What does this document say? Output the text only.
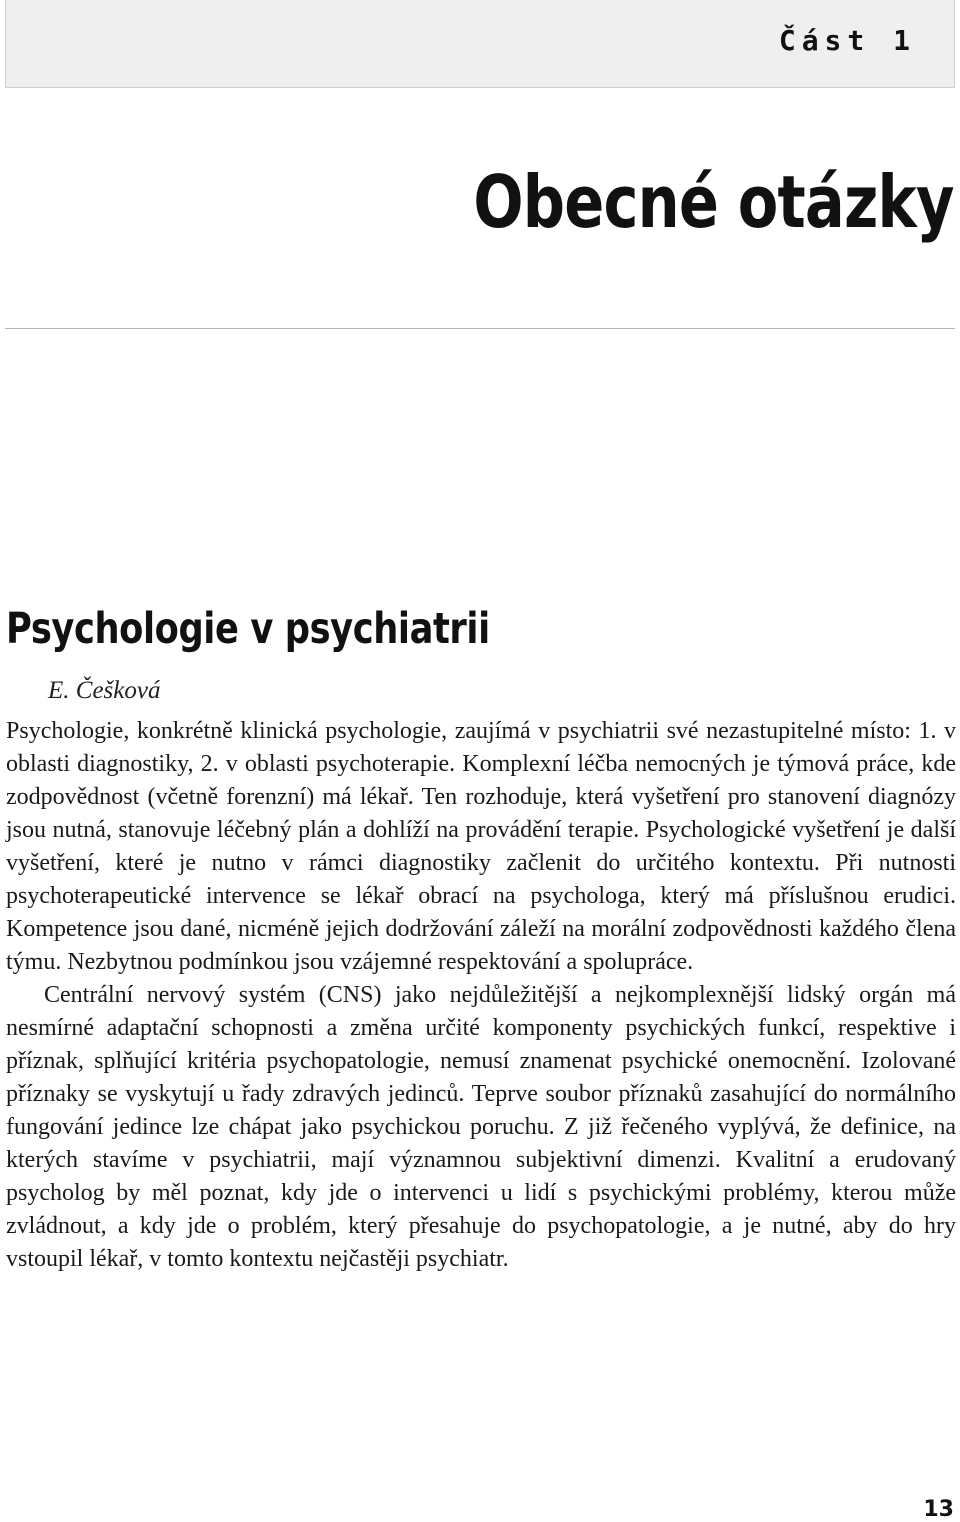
Část 1
Obecné otázky
Psychologie v psychiatrii
E. Češková

Psychologie, konkrétně klinická psychologie, zaujímá v psychiatrii své nezastupitelné místo: 1. v oblasti diagnostiky, 2. v oblasti psychoterapie. Komplexní léčba nemocných je týmová práce, kde zodpovědnost (včetně forenzní) má lékař. Ten rozhoduje, která vyšetření pro stanovení diagnózy jsou nutná, stanovuje léčebný plán a dohlíží na provádění terapie. Psychologické vyšetření je další vyšetření, které je nutno v rámci diagnostiky začlenit do určitého kontextu. Při nutnosti psychoterapeutické intervence se lékař obrací na psychologa, který má příslušnou erudici. Kompetence jsou dané, nicméně jejich dodržování záleží na morální zodpovědnosti každého člena týmu. Nezbytnou podmínkou jsou vzájemné respektování a spolupráce.

Centrální nervový systém (CNS) jako nejdůležitější a nejkomplexnější lidský orgán má nesmírné adaptační schopnosti a změna určité komponenty psychických funkcí, respektive i příznak, splňující kritéria psychopatologie, nemusí znamenat psychické onemocnění. Izolované příznaky se vyskytují u řady zdravých jedinců. Teprve soubor příznaků zasahující do normálního fungování jedince lze chápat jako psychickou poruchu. Z již řečeného vyplývá, že definice, na kterých stavíme v psychiatrii, mají významnou subjektivní dimenzi. Kvalitní a erudovaný psycholog by měl poznat, kdy jde o intervenci u lidí s psychickými problémy, kterou může zvládnout, a kdy jde o problém, který přesahuje do psychopatologie, a je nutné, aby do hry vstoupil lékař, v tomto kontextu nejčastěji psychiatr.

13
